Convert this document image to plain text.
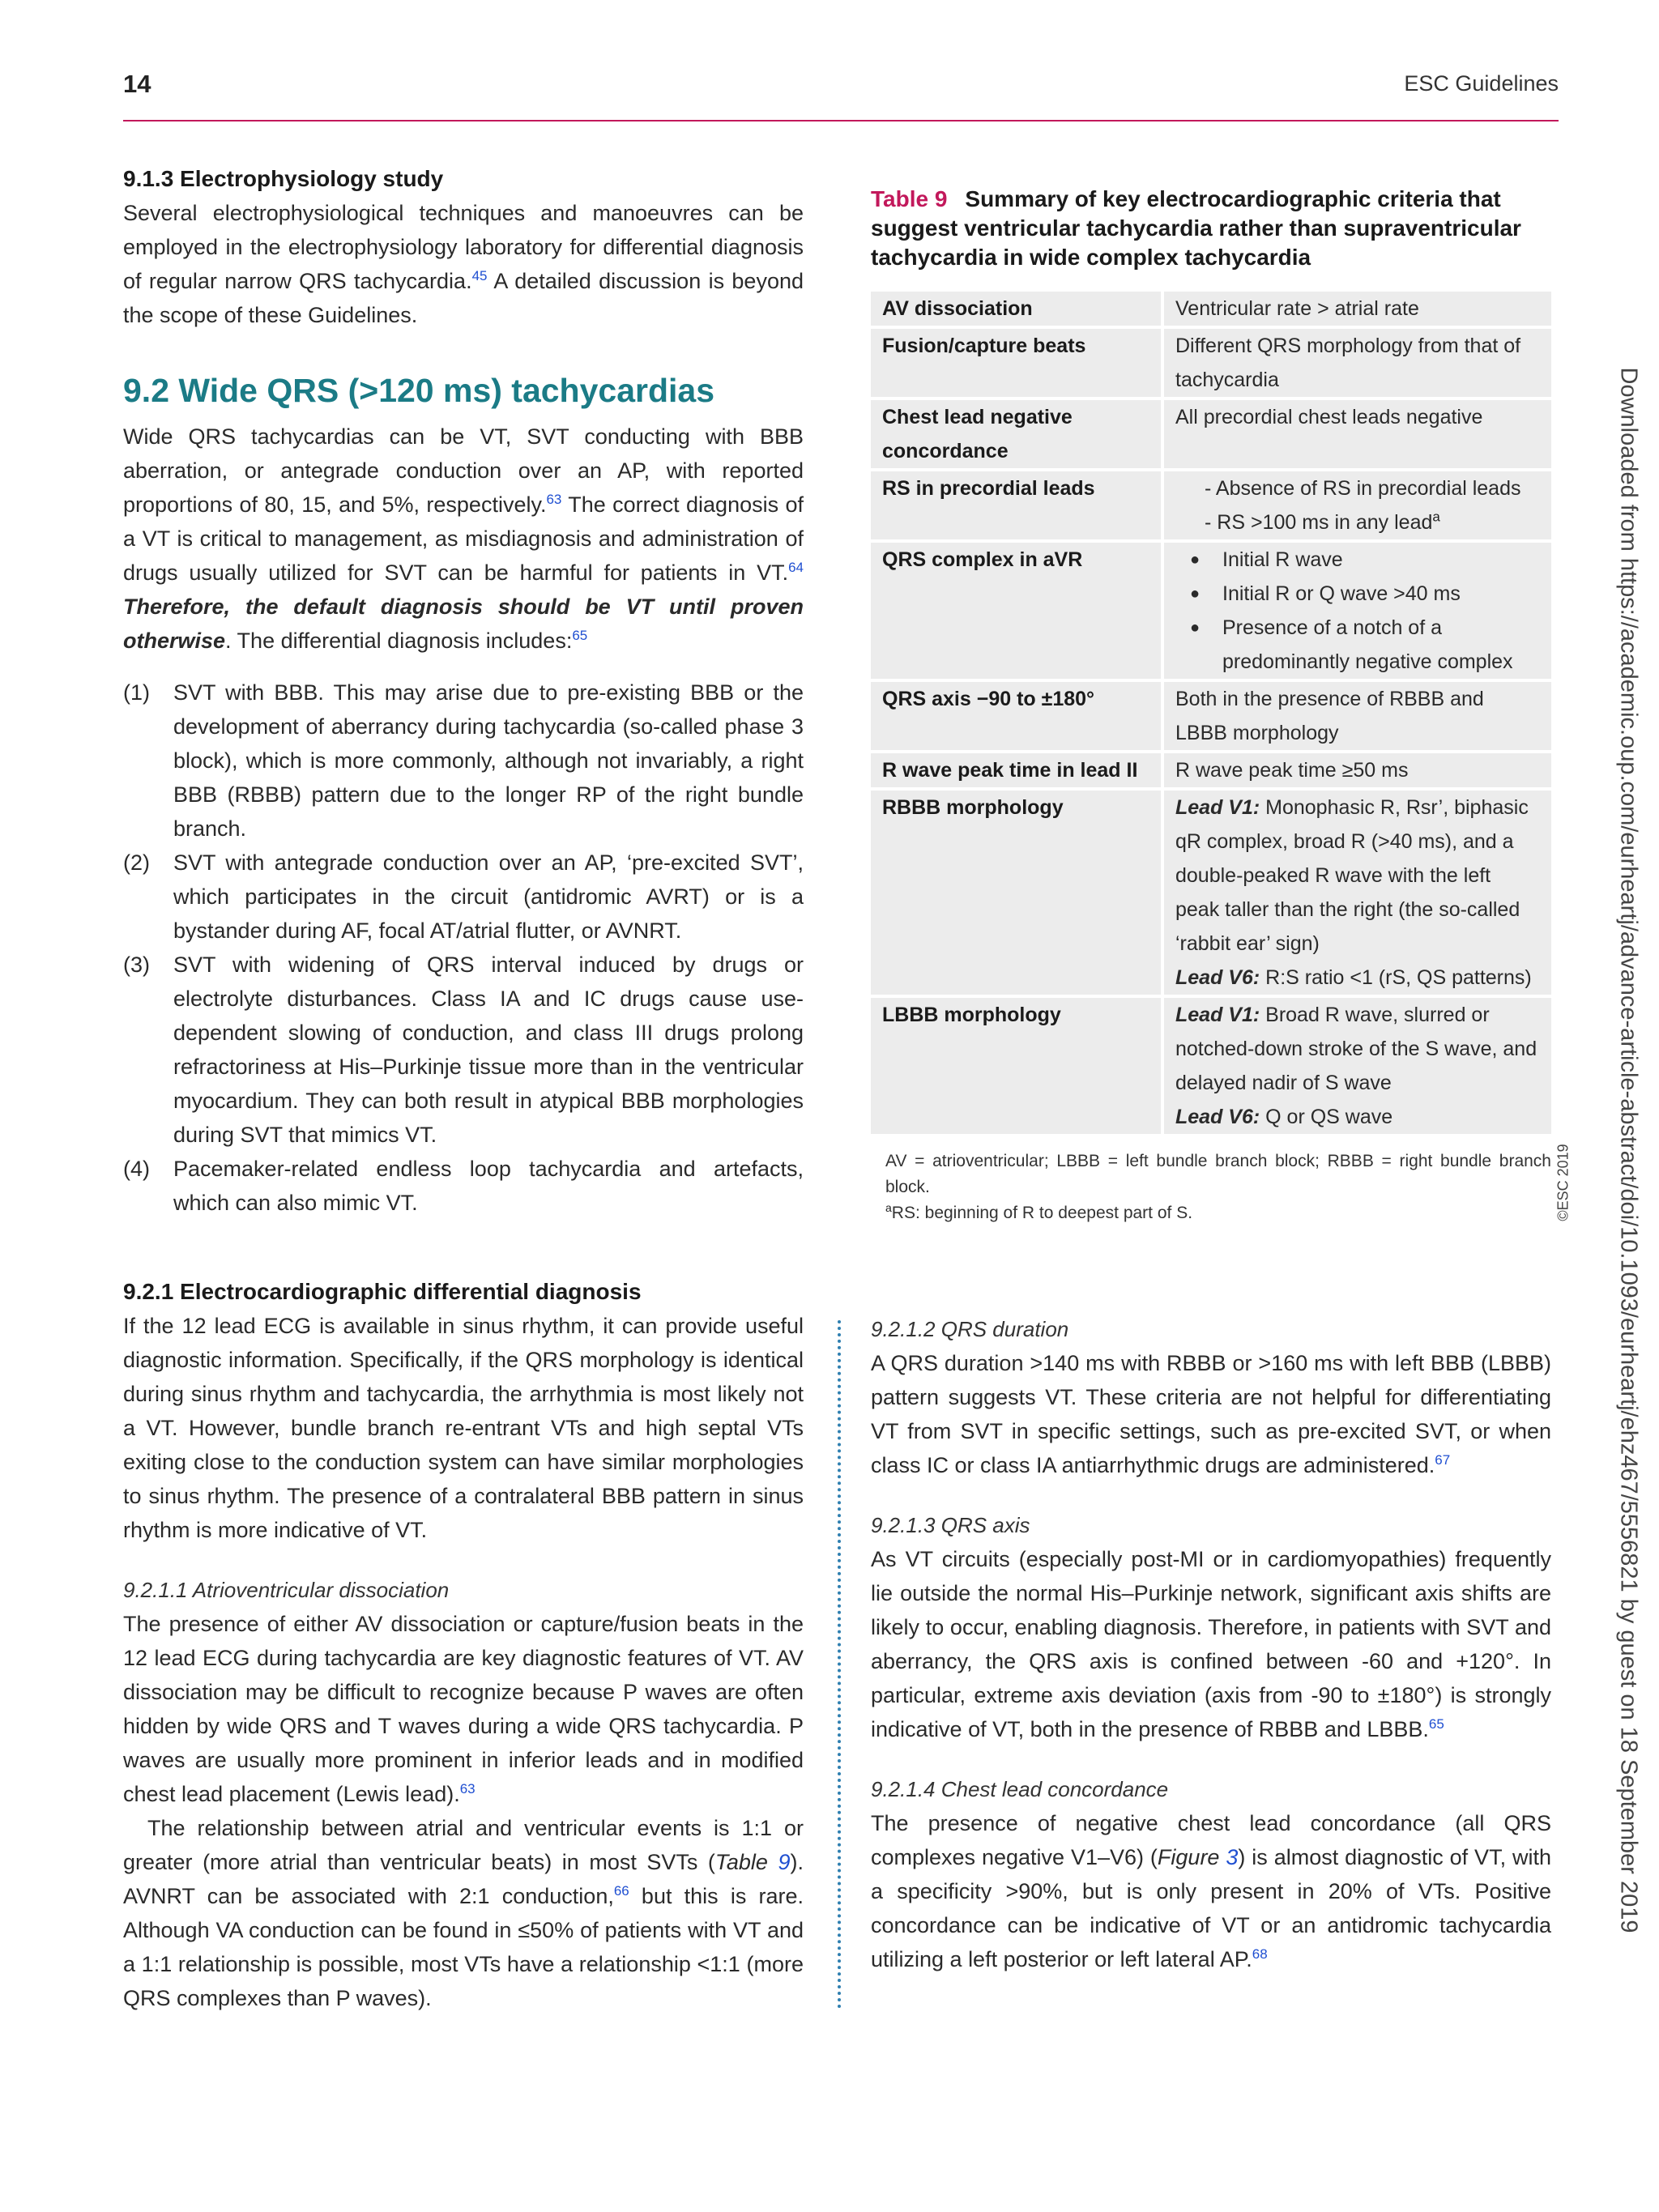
14	ESC Guidelines
9.1.3 Electrophysiology study

Several electrophysiological techniques and manoeuvres can be employed in the electrophysiology laboratory for differential diagnosis of regular narrow QRS tachycardia.$^{45}$ A detailed discussion is beyond the scope of these Guidelines.

9.2 Wide QRS (>120 ms) tachycardias

Wide QRS tachycardias can be VT, SVT conducting with BBB aberration, or antegrade conduction over an AP, with reported proportions of 80, 15, and 5%, respectively.$^{63}$ The correct diagnosis of a VT is critical to management, as misdiagnosis and administration of drugs usually utilized for SVT can be harmful for patients in VT.$^{64}$ Therefore, the default diagnosis should be VT until proven otherwise. The differential diagnosis includes:$^{65}$

(1) SVT with BBB. This may arise due to pre-existing BBB or the development of aberrancy during tachycardia (so-called phase 3 block), which is more commonly, although not invariably, a right BBB (RBBB) pattern due to the longer RP of the right bundle branch.
(2) SVT with antegrade conduction over an AP, ‘pre-excited SVT’, which participates in the circuit (antidromic AVRT) or is a bystander during AF, focal AT/atrial flutter, or AVNRT.
(3) SVT with widening of QRS interval induced by drugs or electrolyte disturbances. Class IA and IC drugs cause use-dependent slowing of conduction, and class III drugs prolong refractoriness at His–Purkinje tissue more than in the ventricular myocardium. They can both result in atypical BBB morphologies during SVT that mimics VT.
(4) Pacemaker-related endless loop tachycardia and artefacts, which can also mimic VT.
9.2.1 Electrocardiographic differential diagnosis

If the 12 lead ECG is available in sinus rhythm, it can provide useful diagnostic information. Specifically, if the QRS morphology is identical during sinus rhythm and tachycardia, the arrhythmia is most likely not a VT. However, bundle branch re-entrant VTs and high septal VTs exiting close to the conduction system can have similar morphologies to sinus rhythm. The presence of a contralateral BBB pattern in sinus rhythm is more indicative of VT.

9.2.1.1 Atrioventricular dissociation

The presence of either AV dissociation or capture/fusion beats in the 12 lead ECG during tachycardia are key diagnostic features of VT. AV dissociation may be difficult to recognize because P waves are often hidden by wide QRS and T waves during a wide QRS tachycardia. P waves are usually more prominent in inferior leads and in modified chest lead placement (Lewis lead).$^{63}$

The relationship between atrial and ventricular events is 1:1 or greater (more atrial than ventricular beats) in most SVTs (Table 9). AVNRT can be associated with 2:1 conduction,$^{66}$ but this is rare. Although VA conduction can be found in ≤50% of patients with VT and a 1:1 relationship is possible, most VTs have a relationship <1:1 (more QRS complexes than P waves).

Table 9 Summary of key electrocardiographic criteria that suggest ventricular tachycardia rather than supraventricular tachycardia in wide complex tachycardia
AV dissociation	Ventricular rate > atrial rate
Fusion/capture beats	Different QRS morphology from that of tachycardia
Chest lead negative concordance	All precordial chest leads negative
RS in precordial leads	- Absence of RS in precordial leads
- RS >100 ms in any lead$^a$

QRS complex in aVR	● Initial R wave
● Initial R or Q wave >40 ms
● Presence of a notch of a predominantly negative complex

QRS axis −90 to ±180°	Both in the presence of RBBB and LBBB morphology
R wave peak time in lead II	R wave peak time ≥50 ms
RBBB morphology	Lead V1: Monophasic R, Rsr’, biphasic qR complex, broad R (>40 ms), and a double-peaked R wave with the left peak taller than the right (the so-called ‘rabbit ear’ sign)
Lead V6: R:S ratio <1 (rS, QS patterns)
LBBB morphology	Lead V1: Broad R wave, slurred or notched-down stroke of the S wave, and delayed nadir of S wave
Lead V6: Q or QS wave
AV = atrioventricular; LBBB = left bundle branch block; RBBB = right bundle branch block.
$^a$RS: beginning of R to deepest part of S.	©ESC 2019
9.2.1.2 QRS duration

A QRS duration >140 ms with RBBB or >160 ms with left BBB (LBBB) pattern suggests VT. These criteria are not helpful for differentiating VT from SVT in specific settings, such as pre-excited SVT, or when class IC or class IA antiarrhythmic drugs are administered.$^{67}$

9.2.1.3 QRS axis

As VT circuits (especially post-MI or in cardiomyopathies) frequently lie outside the normal His–Purkinje network, significant axis shifts are likely to occur, enabling diagnosis. Therefore, in patients with SVT and aberrancy, the QRS axis is confined between -60 and +120°. In particular, extreme axis deviation (axis from -90 to ±180°) is strongly indicative of VT, both in the presence of RBBB and LBBB.$^{65}$

9.2.1.4 Chest lead concordance

The presence of negative chest lead concordance (all QRS complexes negative V1–V6) (Figure 3) is almost diagnostic of VT, with a specificity >90%, but is only present in 20% of VTs. Positive concordance can be indicative of VT or an antidromic tachycardia utilizing a left posterior or left lateral AP.$^{68}$

Downloaded from https://academic.oup.com/eurheartj/advance-article-abstract/doi/10.1093/eurheartj/ehz467/5556821 by guest on 18 September 2019
